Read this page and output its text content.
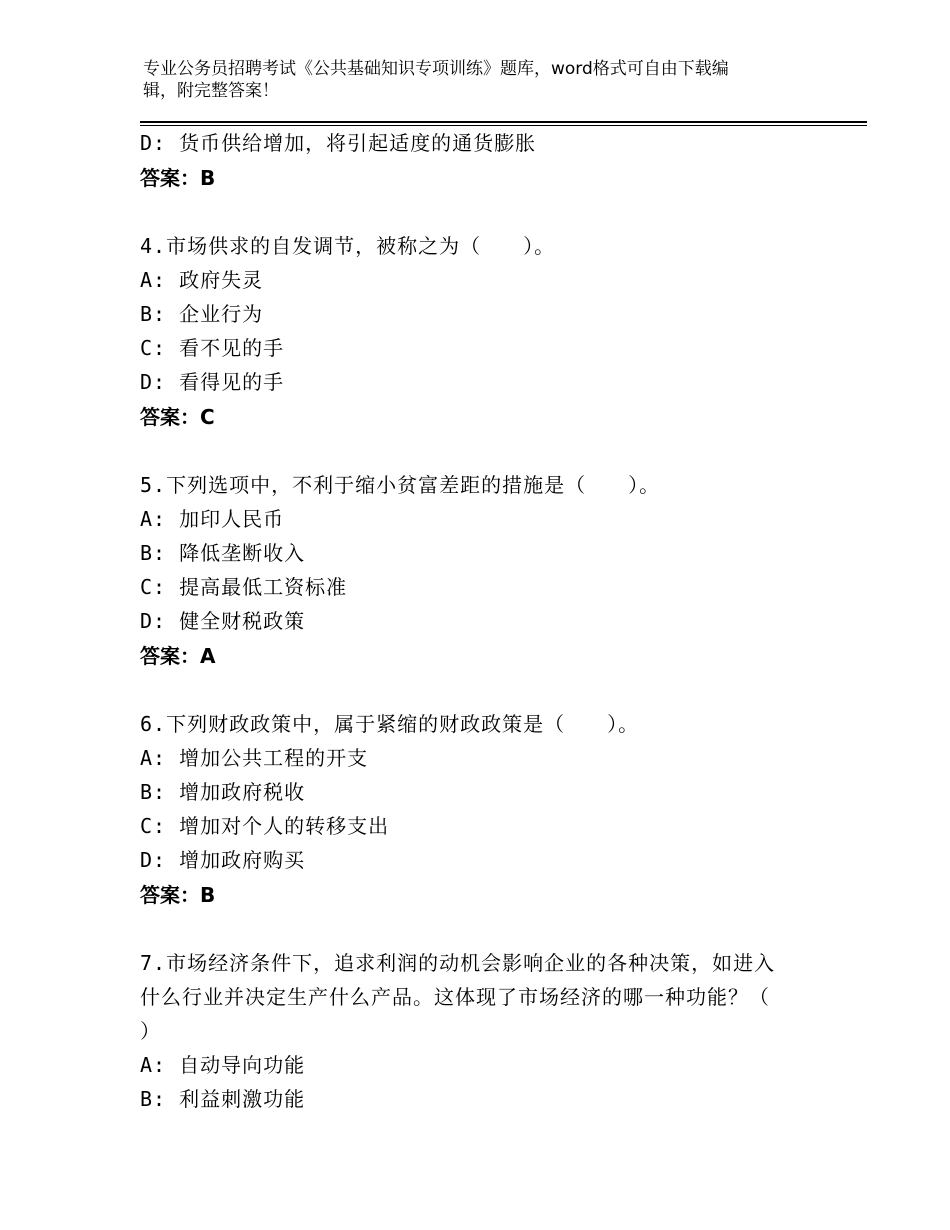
专业公务员招聘考试《公共基础知识专项训练》题库，word格式可自由下载编
辑，附完整答案！
D: 货币供给增加，将引起适度的通货膨胀
答案：B
4.市场供求的自发调节，被称之为（　　）。
A: 政府失灵
B: 企业行为
C: 看不见的手
D: 看得见的手
答案：C
5.下列选项中，不利于缩小贫富差距的措施是（　　）。
A: 加印人民币
B: 降低垄断收入
C: 提高最低工资标准
D: 健全财税政策
答案：A
6.下列财政政策中，属于紧缩的财政政策是（　　）。
A: 增加公共工程的开支
B: 增加政府税收
C: 增加对个人的转移支出
D: 增加政府购买
答案：B
7.市场经济条件下，追求利润的动机会影响企业的各种决策，如进入
什么行业并决定生产什么产品。这体现了市场经济的哪一种功能？（
）
A: 自动导向功能
B: 利益刺激功能
